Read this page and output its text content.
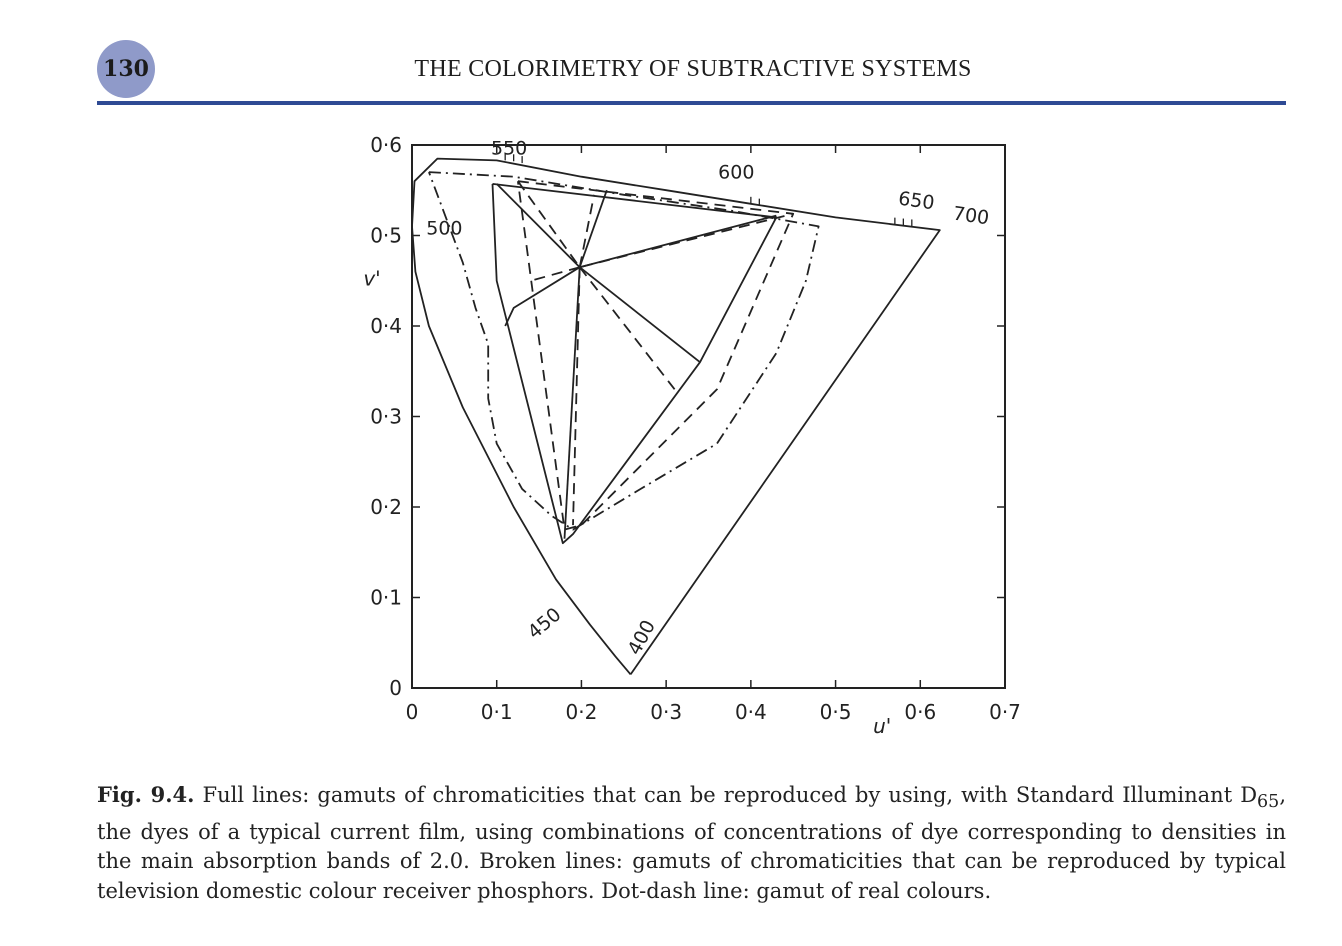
130	THE COLORIMETRY OF SUBTRACTIVE SYSTEMS
0	0·1	0·2	0·3	0·4	0·5	0·6	0·7
0
0·1
0·2
0·3
0·4
0·5
0·6
u'
v'
400
450
500
550
600
650
700
Fig. 9.4. Full lines: gamuts of chromaticities that can be reproduced by using, with Standard Illuminant $D_{65}$, the dyes of a typical current film, using combinations of concentrations of dye corresponding to densities in the main absorption bands of 2.0. Broken lines: gamuts of chromaticities that can be reproduced by typical television domestic colour receiver phosphors. Dot-dash line: gamut of real colours.
